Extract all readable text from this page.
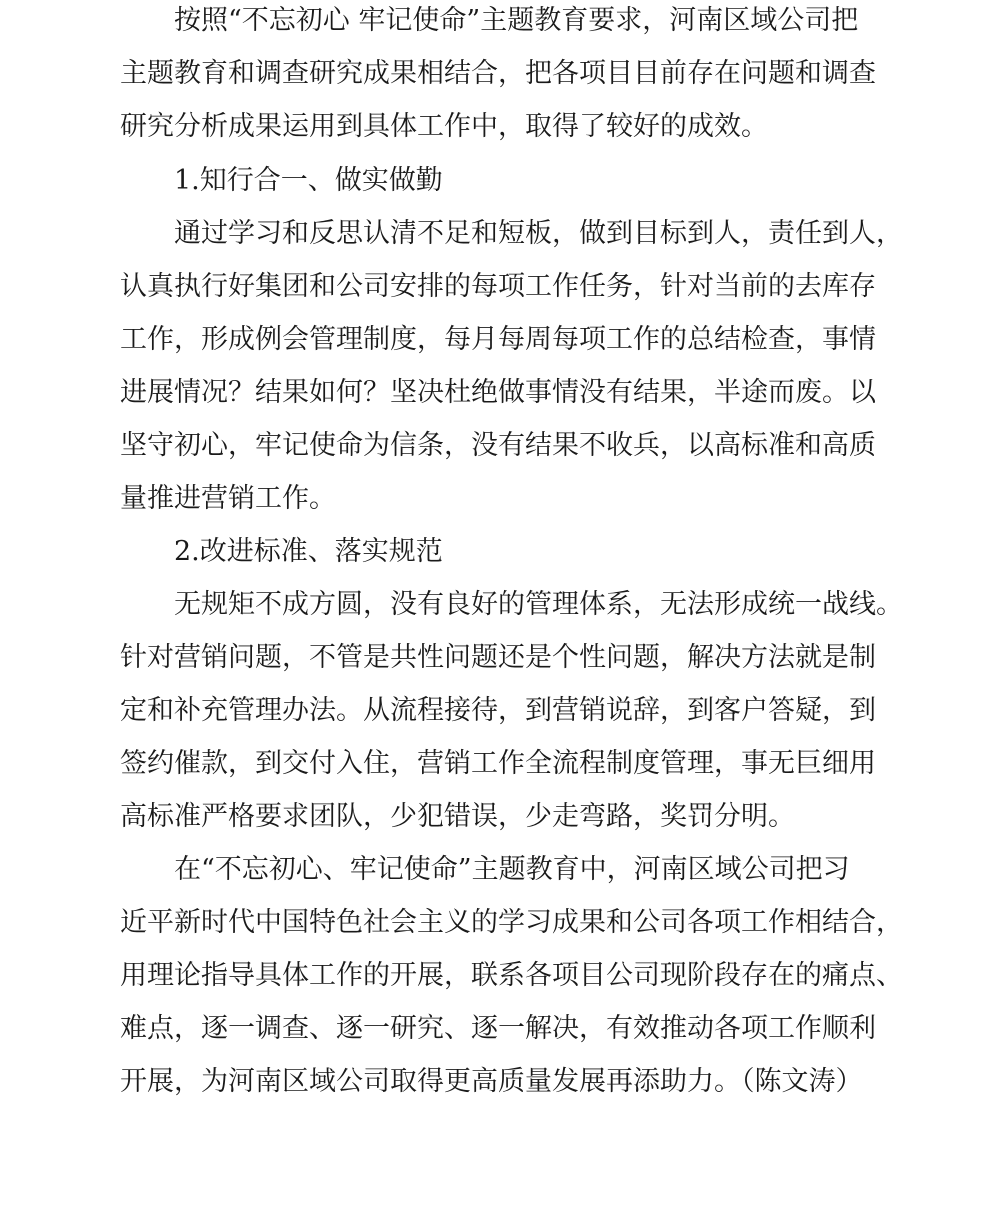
按照“不忘初心 牢记使命”主题教育要求，河南区域公司把
主题教育和调查研究成果相结合，把各项目目前存在问题和调查
研究分析成果运用到具体工作中，取得了较好的成效。
1.知行合一、做实做勤
通过学习和反思认清不足和短板，做到目标到人，责任到人，
认真执行好集团和公司安排的每项工作任务，针对当前的去库存
工作，形成例会管理制度，每月每周每项工作的总结检查，事情
进展情况？结果如何？坚决杜绝做事情没有结果，半途而废。以
坚守初心，牢记使命为信条，没有结果不收兵，以高标准和高质
量推进营销工作。
2.改进标准、落实规范
无规矩不成方圆，没有良好的管理体系，无法形成统一战线。
针对营销问题，不管是共性问题还是个性问题，解决方法就是制
定和补充管理办法。从流程接待，到营销说辞，到客户答疑，到
签约催款，到交付入住，营销工作全流程制度管理，事无巨细用
高标准严格要求团队，少犯错误，少走弯路，奖罚分明。
在“不忘初心、牢记使命”主题教育中，河南区域公司把习
近平新时代中国特色社会主义的学习成果和公司各项工作相结合，
用理论指导具体工作的开展，联系各项目公司现阶段存在的痛点、
难点，逐一调查、逐一研究、逐一解决，有效推动各项工作顺利
开展，为河南区域公司取得更高质量发展再添助力。（陈文涛）
